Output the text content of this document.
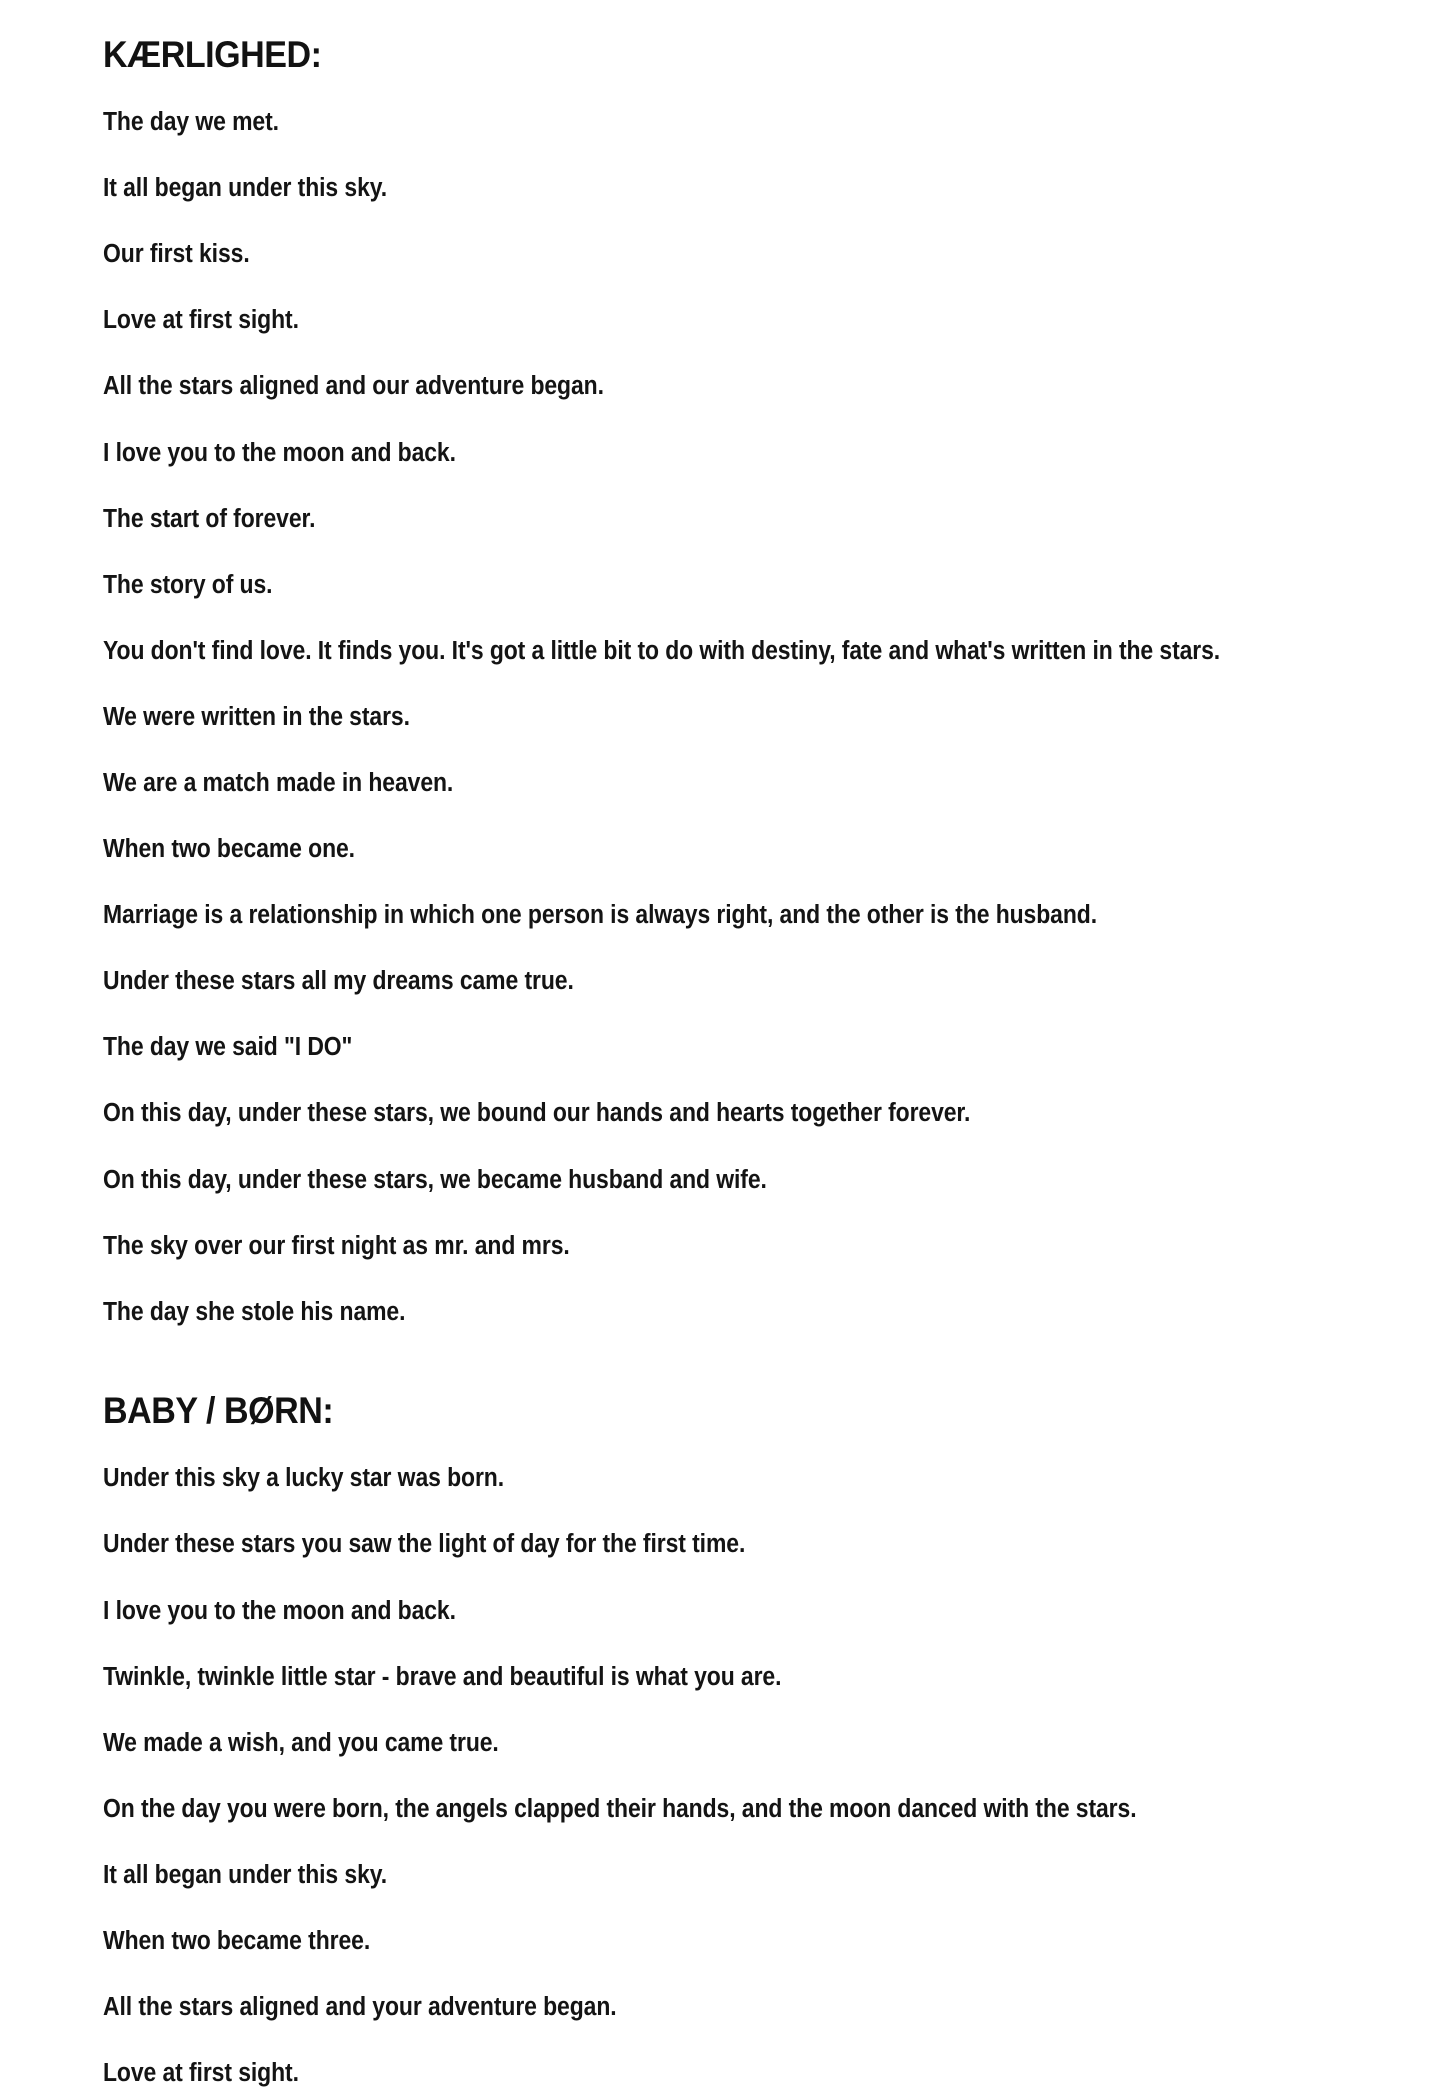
KÆRLIGHED:

The day we met.

It all began under this sky.

Our first kiss.

Love at first sight.

All the stars aligned and our adventure began.

I love you to the moon and back.

The start of forever.

The story of us.

You don't find love. It finds you. It's got a little bit to do with destiny, fate and what's written in the stars.

We were written in the stars.

We are a match made in heaven.

When two became one.

Marriage is a relationship in which one person is always right, and the other is the husband.

Under these stars all my dreams came true.

The day we said "I DO"

On this day, under these stars, we bound our hands and hearts together forever.

On this day, under these stars, we became husband and wife.

The sky over our first night as mr. and mrs.

The day she stole his name.

BABY / BØRN:

Under this sky a lucky star was born.

Under these stars you saw the light of day for the first time.

I love you to the moon and back.

Twinkle, twinkle little star - brave and beautiful is what you are.

We made a wish, and you came true.

On the day you were born, the angels clapped their hands, and the moon danced with the stars.

It all began under this sky.

When two became three.

All the stars aligned and your adventure began.

Love at first sight.
